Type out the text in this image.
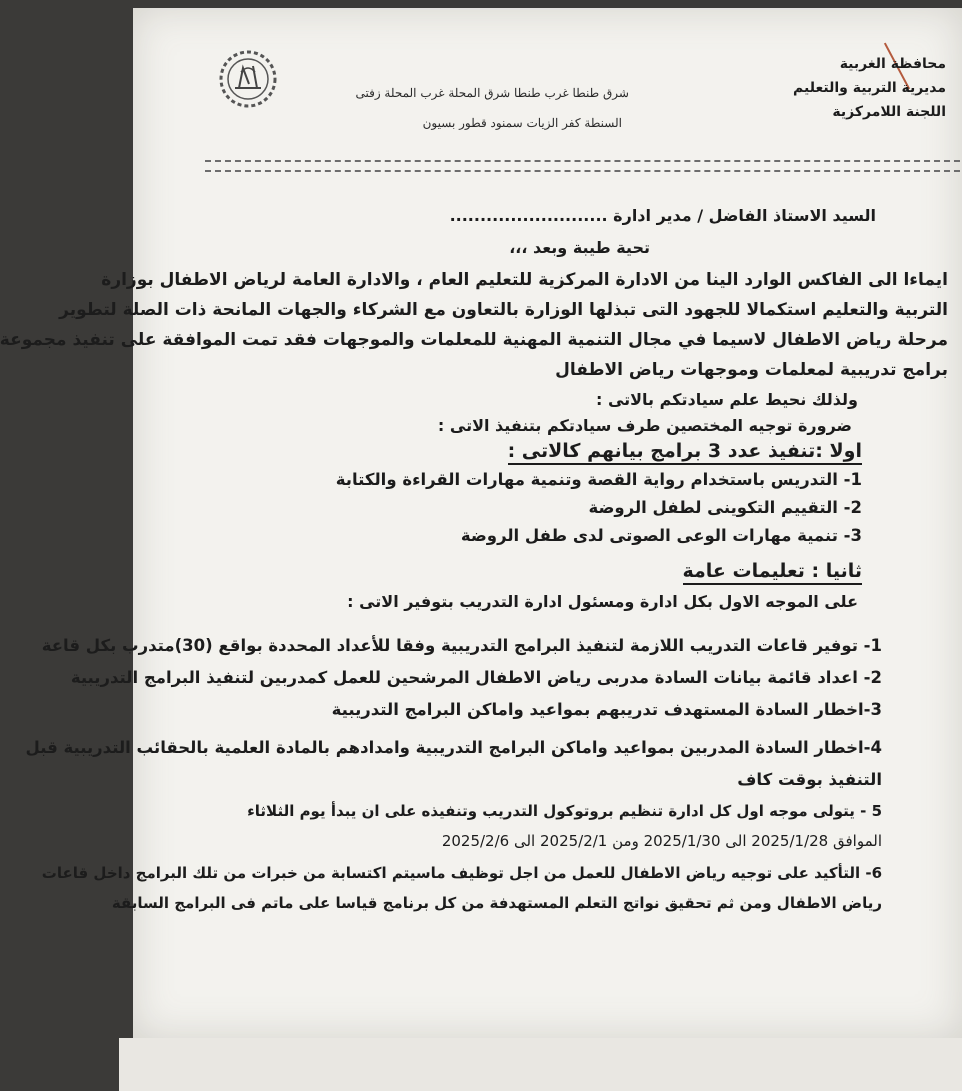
محافظة الغربية
مديرية التربية والتعليم
اللجنة اللامركزية
شرق طنطا غرب طنطا شرق المحلة غرب المحلة زفتى
السنطة كفر الزيات سمنود قطور بسيون
السيد الاستاذ الفاضل / مدير ادارة ..........................
تحية طيبة وبعد ،،،
ايماءا الى الفاكس الوارد الينا من الادارة المركزية للتعليم العام ، والادارة العامة لرياض الاطفال بوزارة
التربية والتعليم استكمالا للجهود التى تبذلها الوزارة بالتعاون مع الشركاء والجهات المانحة ذات الصلة لتطوير
مرحلة رياض الاطفال لاسيما في مجال التنمية المهنية للمعلمات والموجهات فقد تمت الموافقة على تنفيذ مجموعة
برامج تدريبية لمعلمات وموجهات رياض الاطفال
ولذلك نحيط علم سيادتكم بالاتى :
ضرورة توجيه المختصين طرف سيادتكم بتنفيذ الاتى :
اولا :تنفيذ عدد 3 برامج بيانهم كالاتى :
1- التدريس باستخدام رواية القصة وتنمية مهارات القراءة والكتابة
2- التقييم التكوينى لطفل الروضة
3- تنمية مهارات الوعى الصوتى لدى طفل الروضة
ثانيا : تعليمات عامة
على الموجه الاول بكل ادارة ومسئول ادارة التدريب بتوفير الاتى :
1- توفير قاعات التدريب اللازمة لتنفيذ البرامج التدريبية وفقا للأعداد المحددة بواقع (30)متدرب بكل قاعة
2- اعداد قائمة بيانات السادة مدربى رياض الاطفال المرشحين للعمل كمدربين لتنفيذ البرامج التدريبية
3-اخطار السادة المستهدف تدريبهم بمواعيد واماكن البرامج التدريبية
4-اخطار السادة المدربين بمواعيد واماكن البرامج التدريبية وامدادهم بالمادة العلمية بالحقائب التدريبية قبل
التنفيذ بوقت كاف
5 - يتولى موجه اول كل ادارة تنظيم بروتوكول التدريب وتنفيذه على ان يبدأ يوم الثلاثاء
الموافق 2025/1/28 الى 2025/1/30 ومن 2025/2/1 الى 2025/2/6
6- التأكيد على توجيه رياض الاطفال للعمل من اجل توظيف ماسيتم اكتسابة من خبرات من تلك البرامج داخل قاعات
رياض الاطفال ومن ثم تحقيق نواتج التعلم المستهدفة من كل برنامج قياسا على ماتم فى البرامج السابقة
